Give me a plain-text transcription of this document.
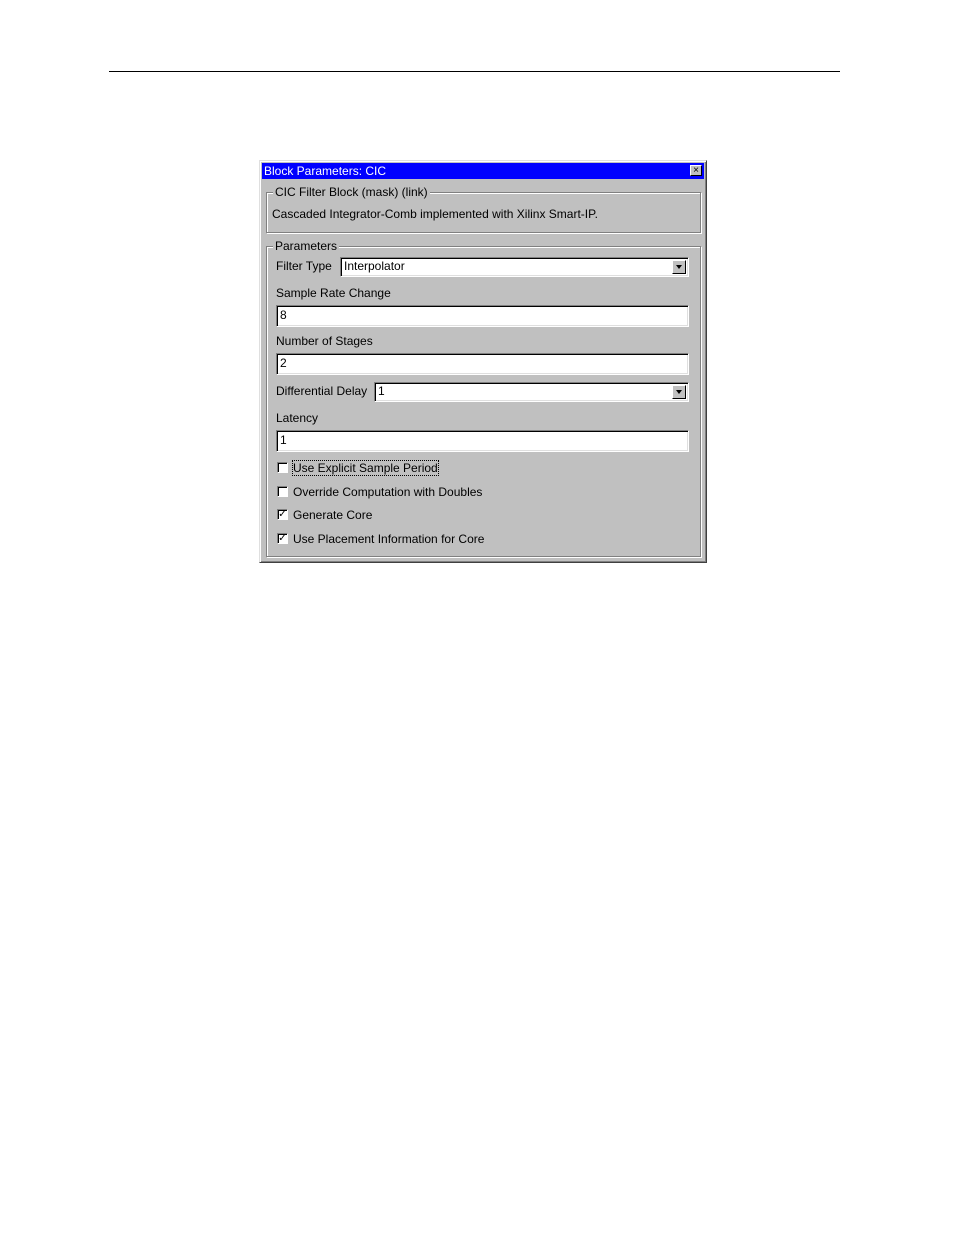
Block Parameters: CIC	×
CIC Filter Block (mask) (link)
Cascaded Integrator-Comb implemented with Xilinx Smart-IP.
Parameters
Filter Type	Interpolator
Sample Rate Change
8
Number of Stages
2
Differential Delay 1
Latency
1
Use Explicit Sample Period
Override Computation with Doubles
✓ Generate Core
✓ Use Placement Information for Core
